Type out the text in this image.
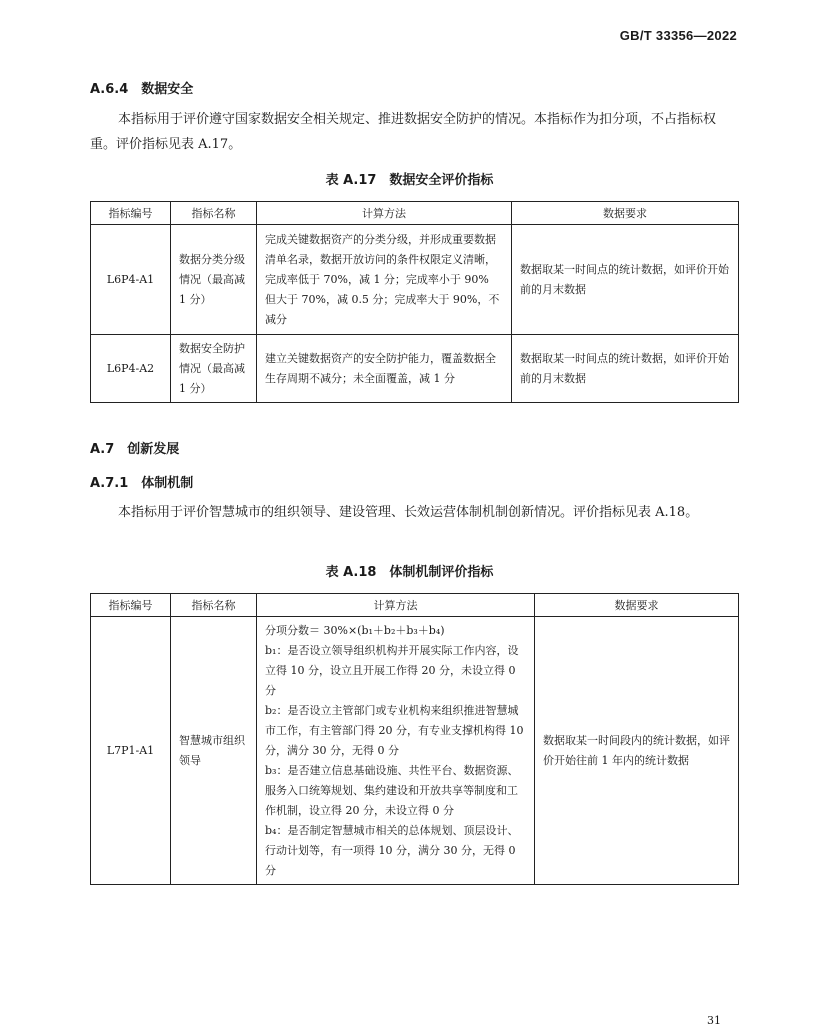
GB/T 33356—2022
A.6.4　数据安全
本指标用于评价遵守国家数据安全相关规定、推进数据安全防护的情况。本指标作为扣分项，不占指标权重。评价指标见表 A.17。
表 A.17　数据安全评价指标
指标编号	指标名称	计算方法	数据要求
L6P4-A1	数据分类分级情况（最高减 1 分）	完成关键数据资产的分类分级，并形成重要数据清单名录，数据开放访问的条件权限定义清晰，完成率低于 70%，减 1 分；完成率小于 90% 但大于 70%，减 0.5 分；完成率大于 90%，不减分	数据取某一时间点的统计数据，如评价开始前的月末数据
L6P4-A2	数据安全防护情况（最高减 1 分）	建立关键数据资产的安全防护能力，覆盖数据全生存周期不减分；未全面覆盖，减 1 分	数据取某一时间点的统计数据，如评价开始前的月末数据
A.7　创新发展
A.7.1　体制机制
本指标用于评价智慧城市的组织领导、建设管理、长效运营体制机制创新情况。评价指标见表 A.18。
表 A.18　体制机制评价指标
指标编号	指标名称	计算方法	数据要求
L7P1-A1	智慧城市组织领导	分项分数＝ 30%×(b₁＋b₂＋b₃＋b₄)
b₁：是否设立领导组织机构并开展实际工作内容，设立得 10 分，设立且开展工作得 20 分，未设立得 0 分
b₂：是否设立主管部门或专业机构来组织推进智慧城市工作，有主管部门得 20 分，有专业支撑机构得 10 分，满分 30 分，无得 0 分
b₃：是否建立信息基础设施、共性平台、数据资源、服务入口统筹规划、集约建设和开放共享等制度和工作机制，设立得 20 分，未设立得 0 分
b₄：是否制定智慧城市相关的总体规划、顶层设计、行动计划等，有一项得 10 分，满分 30 分，无得 0 分	数据取某一时间段内的统计数据，如评价开始往前 1 年内的统计数据
31
